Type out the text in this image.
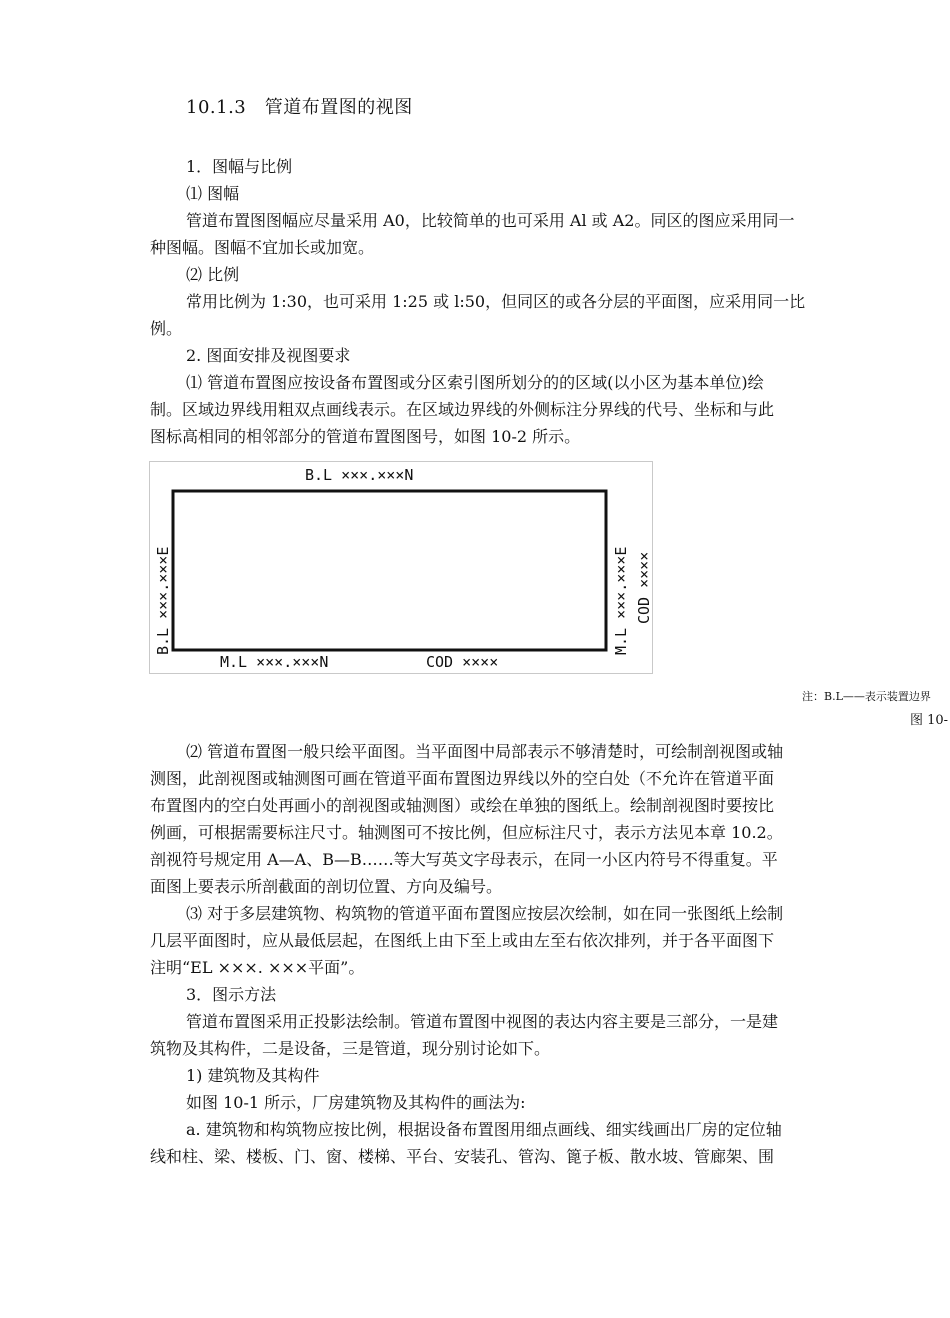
10.1.3　管道布置图的视图
1．图幅与比例
⑴ 图幅
管道布置图图幅应尽量采用 A0，比较简单的也可采用 Al 或 A2。同区的图应采用同一
种图幅。图幅不宜加长或加宽。
⑵ 比例
常用比例为 1:30，也可采用 1:25 或 l:50，但同区的或各分层的平面图，应采用同一比
例。
2. 图面安排及视图要求
⑴ 管道布置图应按设备布置图或分区索引图所划分的的区域(以小区为基本单位)绘
制。区域边界线用粗双点画线表示。在区域边界线的外侧标注分界线的代号、坐标和与此
图标高相同的相邻部分的管道布置图图号，如图 10-2 所示。
B.L ×××.×××N
B.L ×××.×××E
M.L ×××.×××N	COD ××××
M.L ×××.×××E COD ××××
注：B.L——表示装置边界
图 10-
⑵ 管道布置图一般只绘平面图。当平面图中局部表示不够清楚时，可绘制剖视图或轴
测图，此剖视图或轴测图可画在管道平面布置图边界线以外的空白处（不允许在管道平面
布置图内的空白处再画小的剖视图或轴测图）或绘在单独的图纸上。绘制剖视图时要按比
例画，可根据需要标注尺寸。轴测图可不按比例，但应标注尺寸，表示方法见本章 10.2。
剖视符号规定用 A—A、B—B……等大写英文字母表示，在同一小区内符号不得重复。平
面图上要表示所剖截面的剖切位置、方向及编号。
⑶ 对于多层建筑物、构筑物的管道平面布置图应按层次绘制，如在同一张图纸上绘制
几层平面图时，应从最低层起，在图纸上由下至上或由左至右依次排列，并于各平面图下
注明“EL ×××. ×××平面”。
3．图示方法
管道布置图采用正投影法绘制。管道布置图中视图的表达内容主要是三部分，一是建
筑物及其构件，二是设备，三是管道，现分别讨论如下。
1) 建筑物及其构件
如图 10-1 所示，厂房建筑物及其构件的画法为:
a. 建筑物和构筑物应按比例，根据设备布置图用细点画线、细实线画出厂房的定位轴
线和柱、梁、楼板、门、窗、楼梯、平台、安装孔、管沟、篦子板、散水坡、管廊架、围
